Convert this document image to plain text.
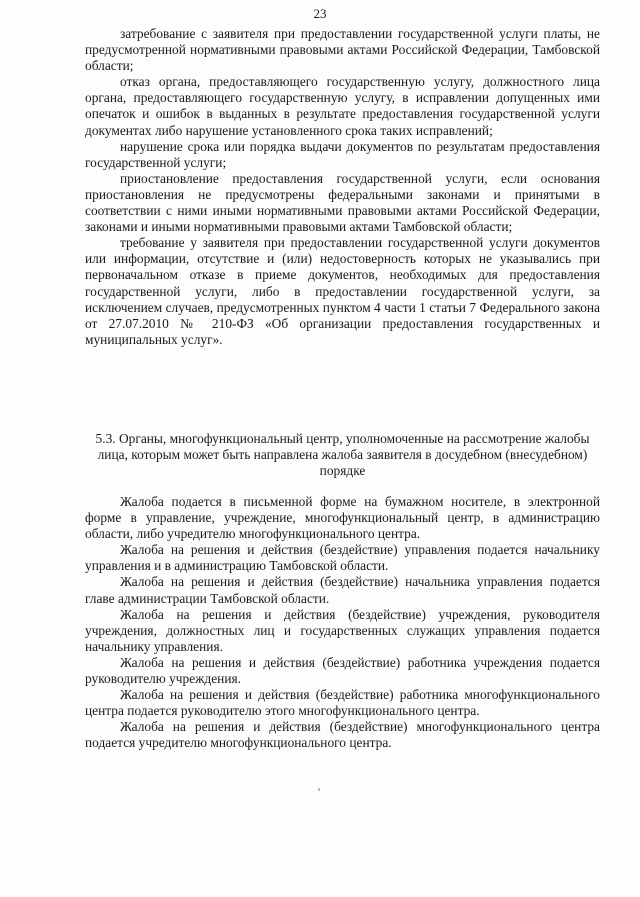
23

затребование с заявителя при предоставлении государственной услуги платы, не предусмотренной нормативными правовыми актами Российской Федерации, Тамбовской области;

отказ органа, предоставляющего государственную услугу, должностного лица органа, предоставляющего государственную услугу, в исправлении допущенных ими опечаток и ошибок в выданных в результате предоставления государственной услуги документах либо нарушение установленного срока таких исправлений;

нарушение срока или порядка выдачи документов по результатам предоставления государственной услуги;

приостановление предоставления государственной услуги, если основания приостановления не предусмотрены федеральными законами и принятыми в соответствии с ними иными нормативными правовыми актами Российской Федерации, законами и иными нормативными правовыми актами Тамбовской области;

требование у заявителя при предоставлении государственной услуги документов или информации, отсутствие и (или) недостоверность которых не указывались при первоначальном отказе в приеме документов, необходимых для предоставления государственной услуги, либо в предоставлении государственной услуги, за исключением случаев, предусмотренных пунктом 4 части 1 статьи 7 Федерального закона от 27.07.2010 № 210-ФЗ «Об организации предоставления государственных и муниципальных услуг».

5.3. Органы, многофункциональный центр, уполномоченные на рассмотрение жалобы лица, которым может быть направлена жалоба заявителя в досудебном (внесудебном) порядке

Жалоба подается в письменной форме на бумажном носителе, в электронной форме в управление, учреждение, многофункциональный центр, в администрацию области, либо учредителю многофункционального центра.

Жалоба на решения и действия (бездействие) управления подается начальнику управления и в администрацию Тамбовской области.

Жалоба на решения и действия (бездействие) начальника управления подается главе администрации Тамбовской области.

Жалоба на решения и действия (бездействие) учреждения, руководителя учреждения, должностных лиц и государственных служащих управления подается начальнику управления.

Жалоба на решения и действия (бездействие) работника учреждения подается руководителю учреждения.

Жалоба на решения и действия (бездействие) работника многофункционального центра подается руководителю этого многофункционального центра.

Жалоба на решения и действия (бездействие) многофункционального центра подается учредителю многофункционального центра.
